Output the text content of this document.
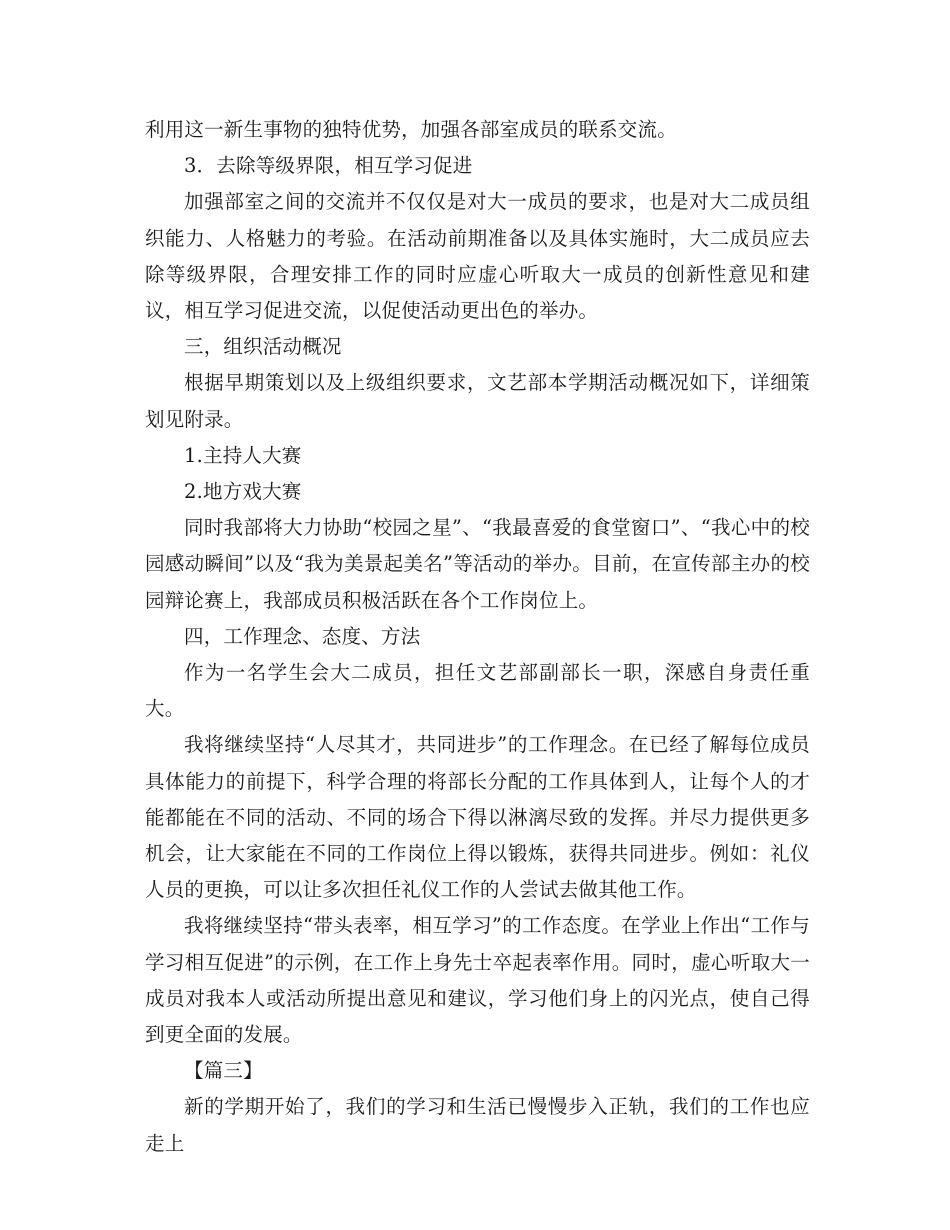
利用这一新生事物的独特优势，加强各部室成员的联系交流。

3．去除等级界限，相互学习促进

加强部室之间的交流并不仅仅是对大一成员的要求，也是对大二成员组织能力、人格魅力的考验。在活动前期准备以及具体实施时，大二成员应去除等级界限，合理安排工作的同时应虚心听取大一成员的创新性意见和建议，相互学习促进交流，以促使活动更出色的举办。

三，组织活动概况

根据早期策划以及上级组织要求，文艺部本学期活动概况如下，详细策划见附录。

1.主持人大赛

2.地方戏大赛

同时我部将大力协助“校园之星”、“我最喜爱的食堂窗口”、“我心中的校园感动瞬间”以及“我为美景起美名”等活动的举办。目前，在宣传部主办的校园辩论赛上，我部成员积极活跃在各个工作岗位上。

四，工作理念、态度、方法

作为一名学生会大二成员，担任文艺部副部长一职，深感自身责任重大。

我将继续坚持“人尽其才，共同进步”的工作理念。在已经了解每位成员具体能力的前提下，科学合理的将部长分配的工作具体到人，让每个人的才能都能在不同的活动、不同的场合下得以淋漓尽致的发挥。并尽力提供更多机会，让大家能在不同的工作岗位上得以锻炼，获得共同进步。例如：礼仪人员的更换，可以让多次担任礼仪工作的人尝试去做其他工作。

我将继续坚持“带头表率，相互学习”的工作态度。在学业上作出“工作与学习相互促进”的示例，在工作上身先士卒起表率作用。同时，虚心听取大一成员对我本人或活动所提出意见和建议，学习他们身上的闪光点，使自己得到更全面的发展。

【篇三】

新的学期开始了，我们的学习和生活已慢慢步入正轨，我们的工作也应走上
